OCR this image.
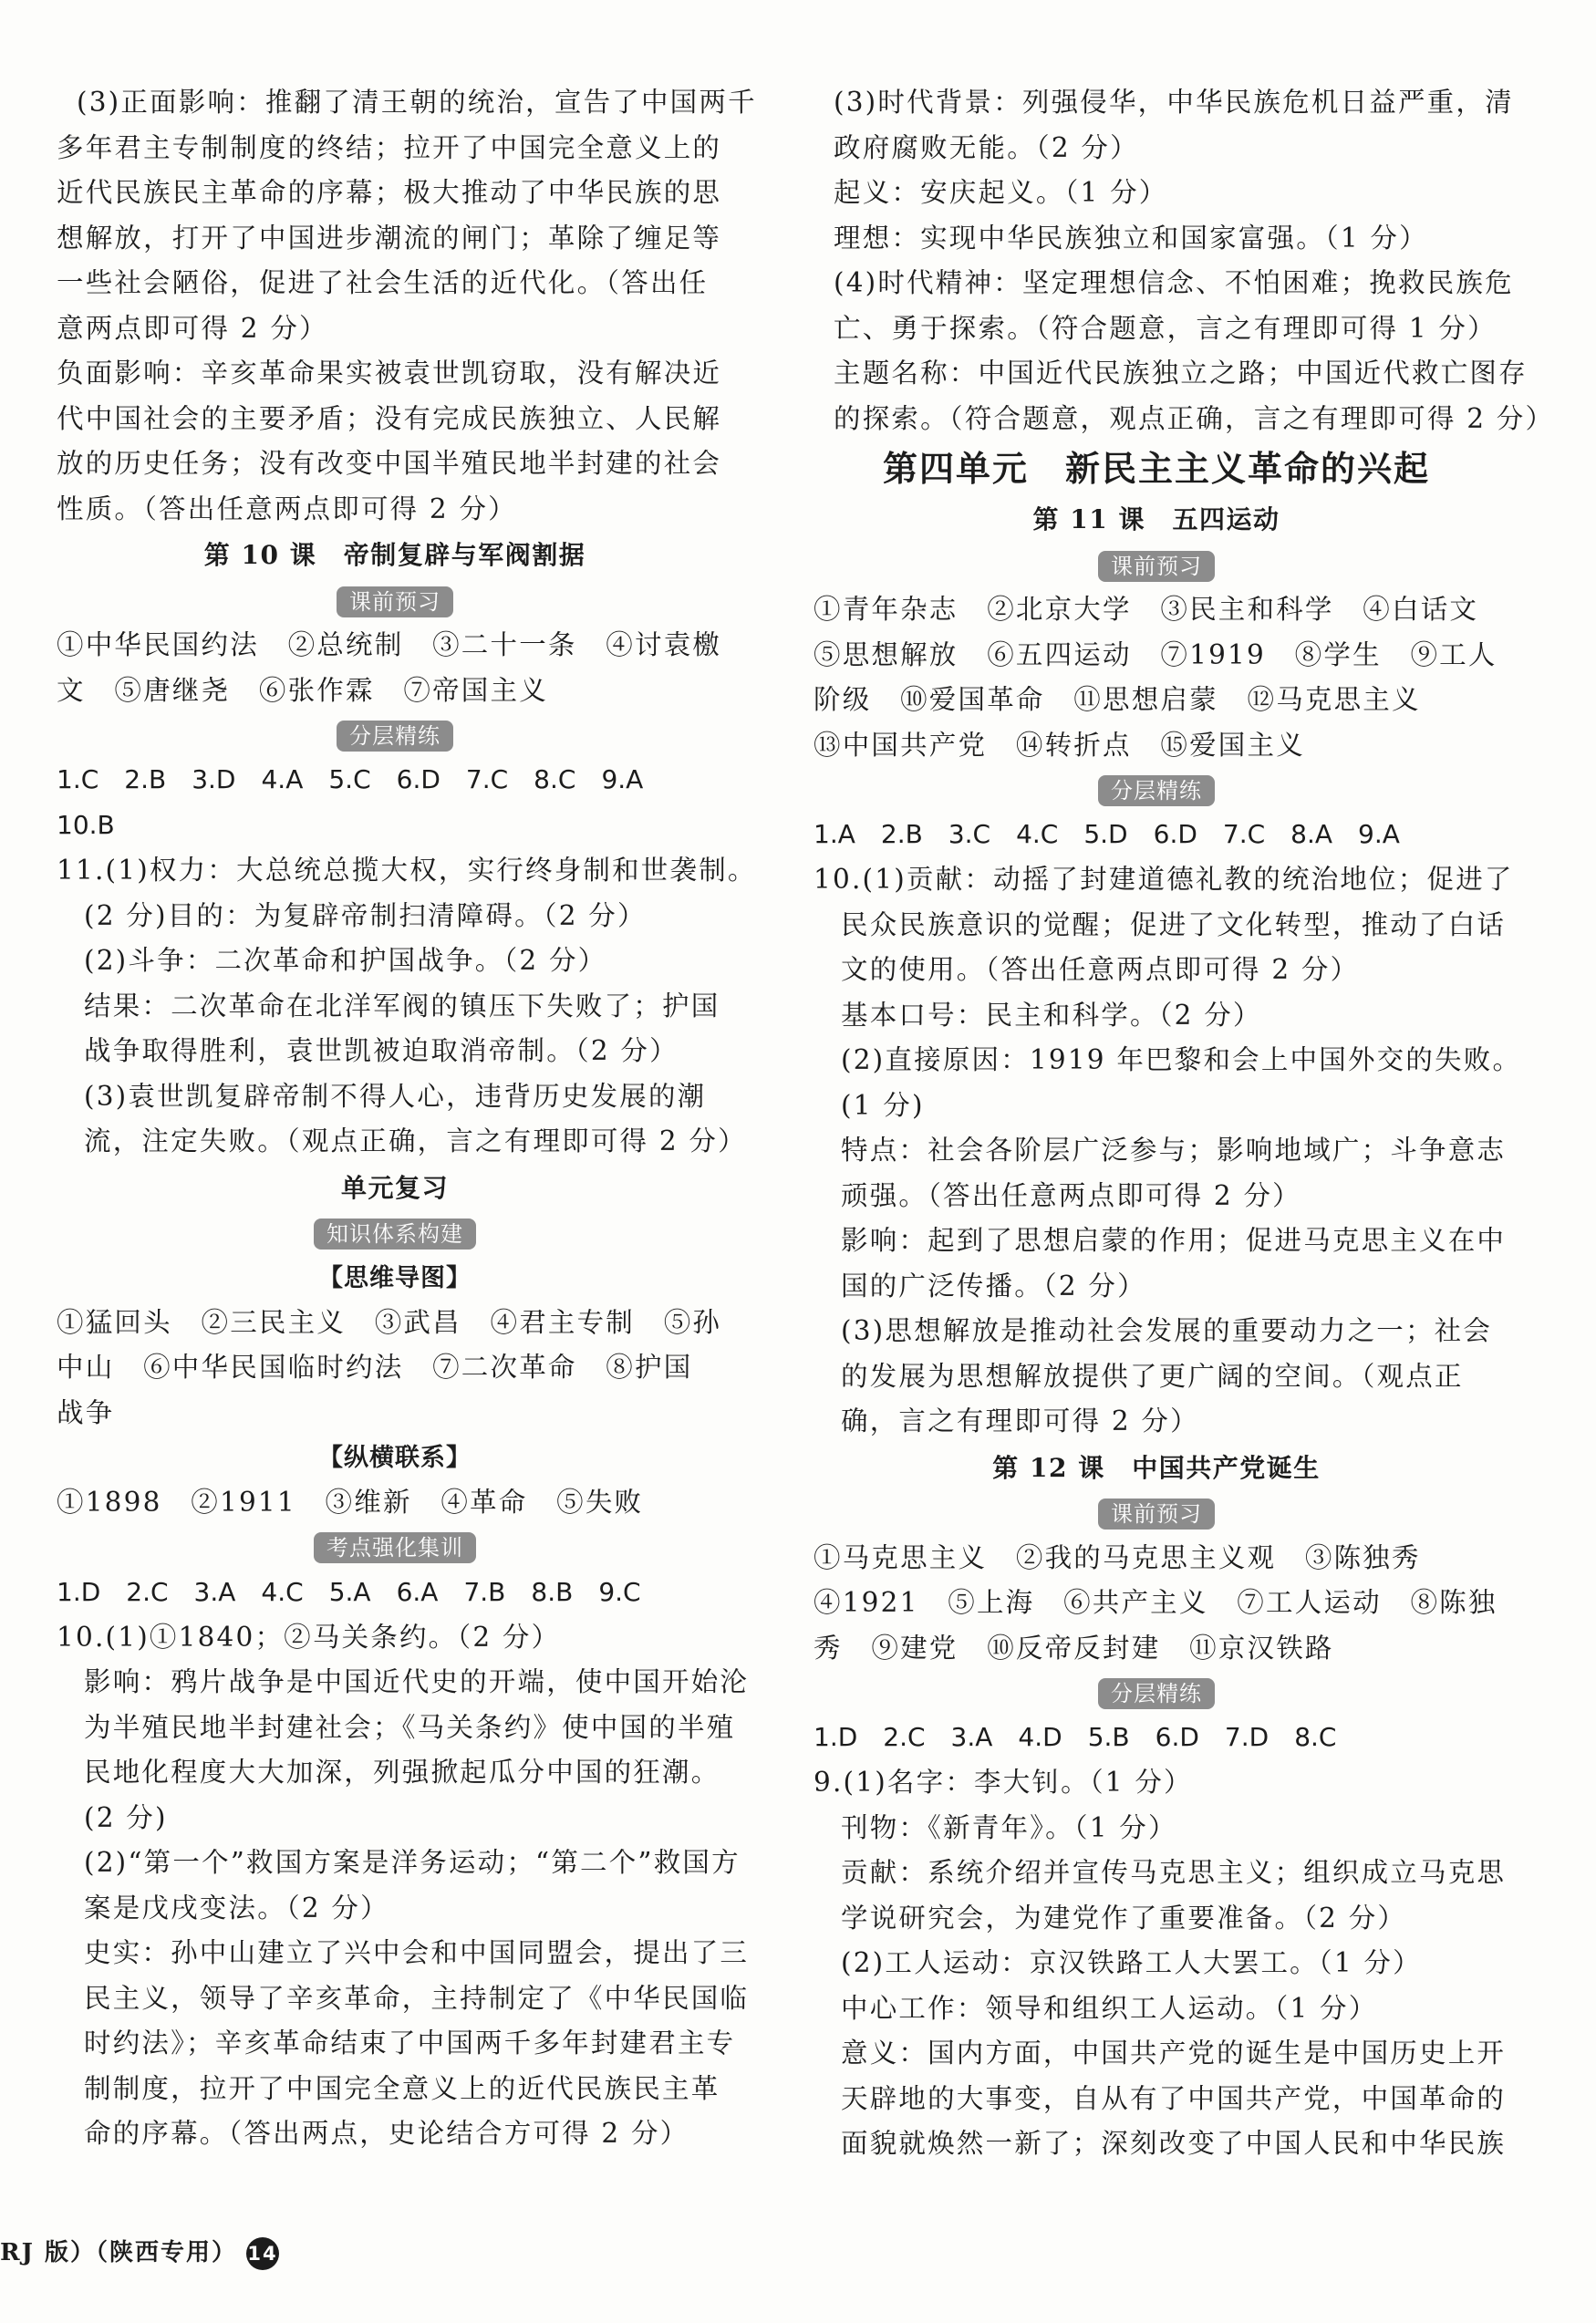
(3)正面影响：推翻了清王朝的统治，宣告了中国两千

多年君主专制制度的终结；拉开了中国完全意义上的

近代民族民主革命的序幕；极大推动了中华民族的思

想解放，打开了中国进步潮流的闸门；革除了缠足等

一些社会陋俗，促进了社会生活的近代化。（答出任

意两点即可得 2 分）

负面影响：辛亥革命果实被袁世凯窃取，没有解决近

代中国社会的主要矛盾；没有完成民族独立、人民解

放的历史任务；没有改变中国半殖民地半封建的社会

性质。（答出任意两点即可得 2 分）

第 10 课　帝制复辟与军阀割据
课前预习

①中华民国约法　②总统制　③二十一条　④讨袁檄

文　⑤唐继尧　⑥张作霖　⑦帝国主义

分层精练
1.C 2.B 3.D 4.A 5.C 6.D 7.C 8.C 9.A
10.B

11.(1)权力：大总统总揽大权，实行终身制和世袭制。

(2 分)目的：为复辟帝制扫清障碍。（2 分）

(2)斗争：二次革命和护国战争。（2 分）

结果：二次革命在北洋军阀的镇压下失败了；护国

战争取得胜利，袁世凯被迫取消帝制。（2 分）

(3)袁世凯复辟帝制不得人心，违背历史发展的潮

流，注定失败。（观点正确，言之有理即可得 2 分）

单元复习
知识体系构建
【思维导图】

①猛回头　②三民主义　③武昌　④君主专制　⑤孙

中山　⑥中华民国临时约法　⑦二次革命　⑧护国

战争

【纵横联系】

①1898　②1911　③维新　④革命　⑤失败

考点强化集训
1.D 2.C 3.A 4.C 5.A 6.A 7.B 8.B 9.C

10.(1)①1840；②马关条约。（2 分）

影响：鸦片战争是中国近代史的开端，使中国开始沦

为半殖民地半封建社会；《马关条约》使中国的半殖

民地化程度大大加深，列强掀起瓜分中国的狂潮。

(2 分)

(2)“第一个”救国方案是洋务运动；“第二个”救国方

案是戊戌变法。（2 分）

史实：孙中山建立了兴中会和中国同盟会，提出了三

民主义，领导了辛亥革命，主持制定了《中华民国临

时约法》；辛亥革命结束了中国两千多年封建君主专

制制度，拉开了中国完全意义上的近代民族民主革

命的序幕。（答出两点，史论结合方可得 2 分）

(3)时代背景：列强侵华，中华民族危机日益严重，清

政府腐败无能。（2 分）

起义：安庆起义。（1 分）

理想：实现中华民族独立和国家富强。（1 分）

(4)时代精神：坚定理想信念、不怕困难；挽救民族危

亡、勇于探索。（符合题意，言之有理即可得 1 分）

主题名称：中国近代民族独立之路；中国近代救亡图存

的探索。（符合题意，观点正确，言之有理即可得 2 分）

第四单元　新民主主义革命的兴起
第 11 课　五四运动
课前预习

①青年杂志　②北京大学　③民主和科学　④白话文

⑤思想解放　⑥五四运动　⑦1919　⑧学生　⑨工人

阶级　⑩爱国革命　⑪思想启蒙　⑫马克思主义

⑬中国共产党　⑭转折点　⑮爱国主义

分层精练
1.A 2.B 3.C 4.C 5.D 6.D 7.C 8.A 9.A

10.(1)贡献：动摇了封建道德礼教的统治地位；促进了

民众民族意识的觉醒；促进了文化转型，推动了白话

文的使用。（答出任意两点即可得 2 分）

基本口号：民主和科学。（2 分）

(2)直接原因：1919 年巴黎和会上中国外交的失败。

(1 分)

特点：社会各阶层广泛参与；影响地域广；斗争意志

顽强。（答出任意两点即可得 2 分）

影响：起到了思想启蒙的作用；促进马克思主义在中

国的广泛传播。（2 分）

(3)思想解放是推动社会发展的重要动力之一；社会

的发展为思想解放提供了更广阔的空间。（观点正

确，言之有理即可得 2 分）

第 12 课　中国共产党诞生
课前预习

①马克思主义　②我的马克思主义观　③陈独秀

④1921　⑤上海　⑥共产主义　⑦工人运动　⑧陈独

秀　⑨建党　⑩反帝反封建　⑪京汉铁路

分层精练
1.D 2.C 3.A 4.D 5.B 6.D 7.D 8.C

9.(1)名字：李大钊。（1 分）

刊物：《新青年》。（1 分）

贡献：系统介绍并宣传马克思主义；组织成立马克思

学说研究会，为建党作了重要准备。（2 分）

(2)工人运动：京汉铁路工人大罢工。（1 分）

中心工作：领导和组织工人运动。（1 分）

意义：国内方面，中国共产党的诞生是中国历史上开

天辟地的大事变，自从有了中国共产党，中国革命的

面貌就焕然一新了；深刻改变了中国人民和中华民族

RJ 版）（陕西专用） 14
